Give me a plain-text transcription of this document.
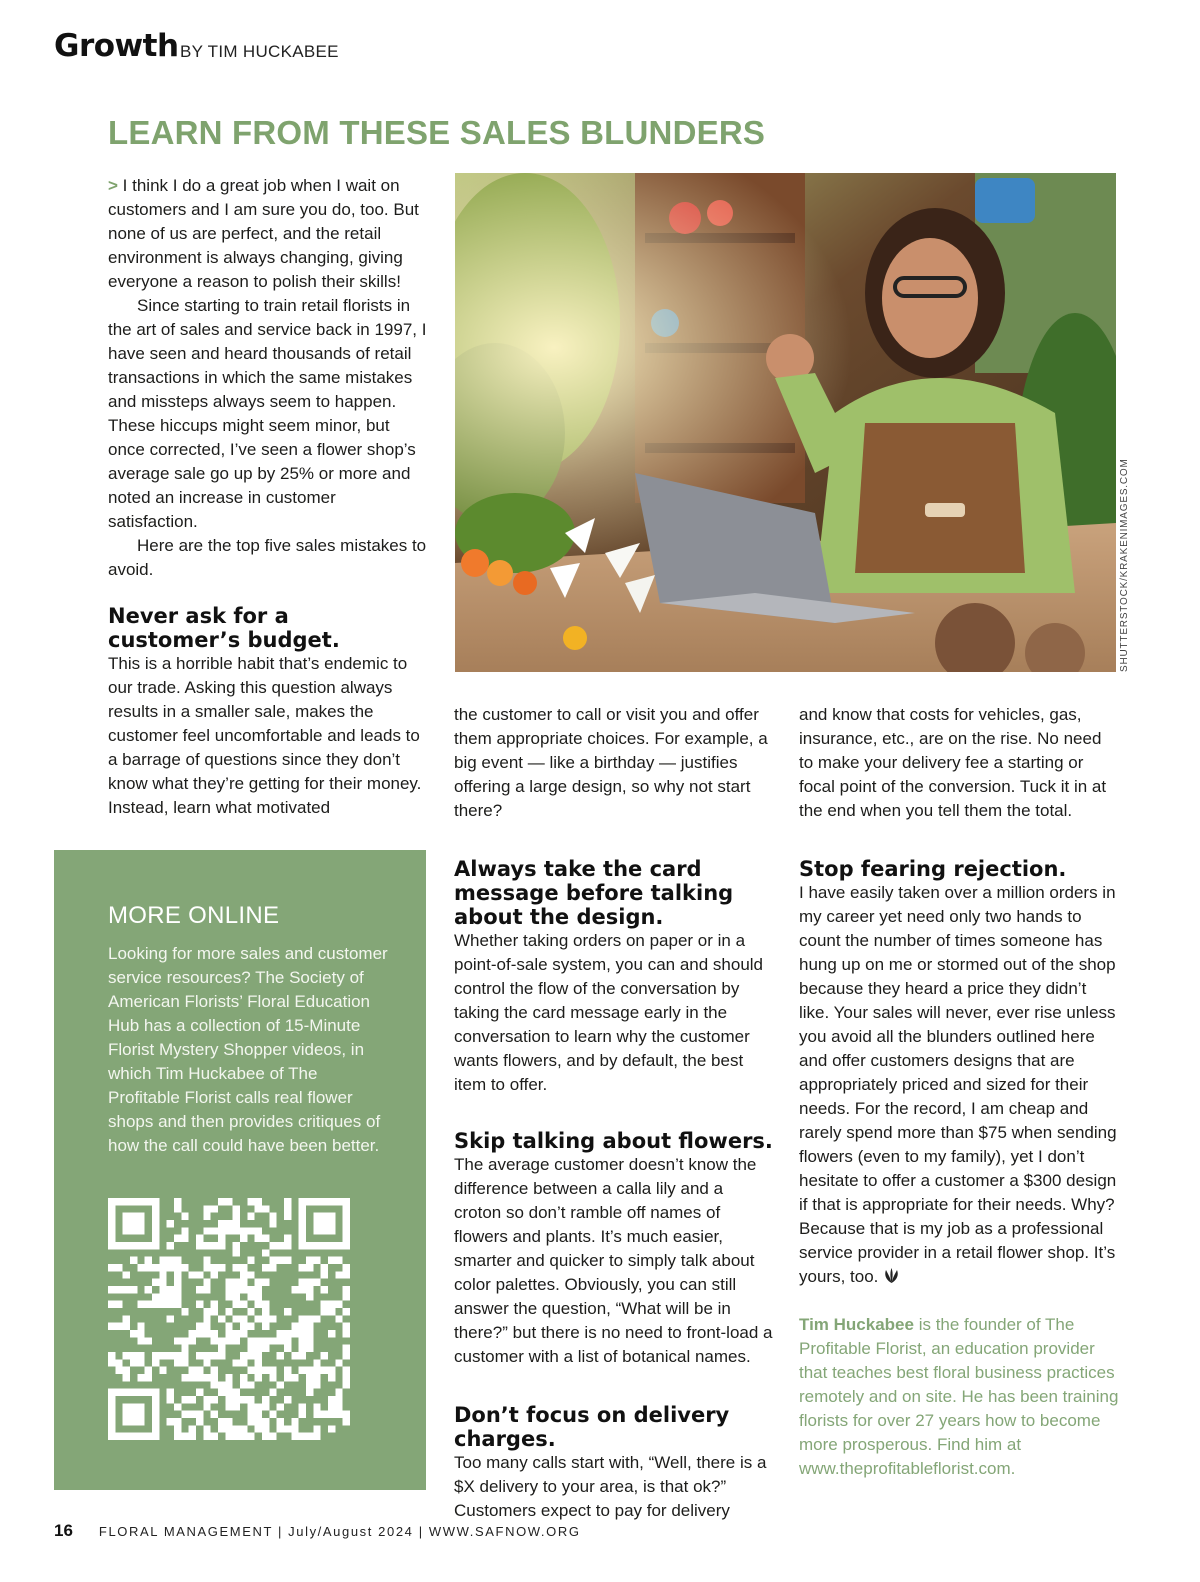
Growth BY TIM HUCKABEE
LEARN FROM THESE SALES BLUNDERS

> I think I do a great job when I wait on customers and I am sure you do, too. But none of us are perfect, and the retail environment is always changing, giving everyone a reason to polish their skills!

Since starting to train retail florists in the art of sales and service back in 1997, I have seen and heard thousands of retail transactions in which the same mistakes and missteps always seem to happen. These hiccups might seem minor, but once corrected, I’ve seen a flower shop’s average sale go up by 25% or more and noted an increase in customer satisfaction.

Here are the top five sales mistakes to avoid.

Never ask for a customer’s budget.

This is a horrible habit that’s endemic to our trade. Asking this question always results in a smaller sale, makes the customer feel uncomfortable and leads to a barrage of questions since they don’t know what they’re getting for their money. Instead, learn what motivated

SHUTTERSTOCK/KRAKENIMAGES.COM

the customer to call or visit you and offer them appropriate choices. For example, a big event — like a birthday — justifies offering a large design, so why not start there?

Always take the card message before talking about the design.

Whether taking orders on paper or in a point-of-sale system, you can and should control the flow of the conversation by taking the card message early in the conversation to learn why the customer wants flowers, and by default, the best item to offer.

Skip talking about flowers.

The average customer doesn’t know the difference between a calla lily and a croton so don’t ramble off names of flowers and plants. It’s much easier, smarter and quicker to simply talk about color palettes. Obviously, you can still answer the question, “What will be in there?” but there is no need to front-load a customer with a list of botanical names.

Don’t focus on delivery charges.

Too many calls start with, “Well, there is a $X delivery to your area, is that ok?” Customers expect to pay for delivery

and know that costs for vehicles, gas, insurance, etc., are on the rise. No need to make your delivery fee a starting or focal point of the conversion. Tuck it in at the end when you tell them the total.

Stop fearing rejection.

I have easily taken over a million orders in my career yet need only two hands to count the number of times someone has hung up on me or stormed out of the shop because they heard a price they didn’t like. Your sales will never, ever rise unless you avoid all the blunders outlined here and offer customers designs that are appropriately priced and sized for their needs. For the record, I am cheap and rarely spend more than $75 when sending flowers (even to my family), yet I don’t hesitate to offer a customer a $300 design if that is appropriate for their needs. Why? Because that is my job as a professional service provider in a retail flower shop. It’s yours, too.

Tim Huckabee is the founder of The Profitable Florist, an education provider that teaches best floral business practices remotely and on site. He has been training florists for over 27 years how to become more prosperous. Find him at www.theprofitableflorist.com.

MORE ONLINE
Looking for more sales and customer service resources? The Society of American Florists’ Floral Education Hub has a collection of 15-Minute Florist Mystery Shopper videos, in which Tim Huckabee of The Profitable Florist calls real flower shops and then provides critiques of how the call could have been better.
16 FLORAL MANAGEMENT | July/August 2024 | WWW.SAFNOW.ORG
